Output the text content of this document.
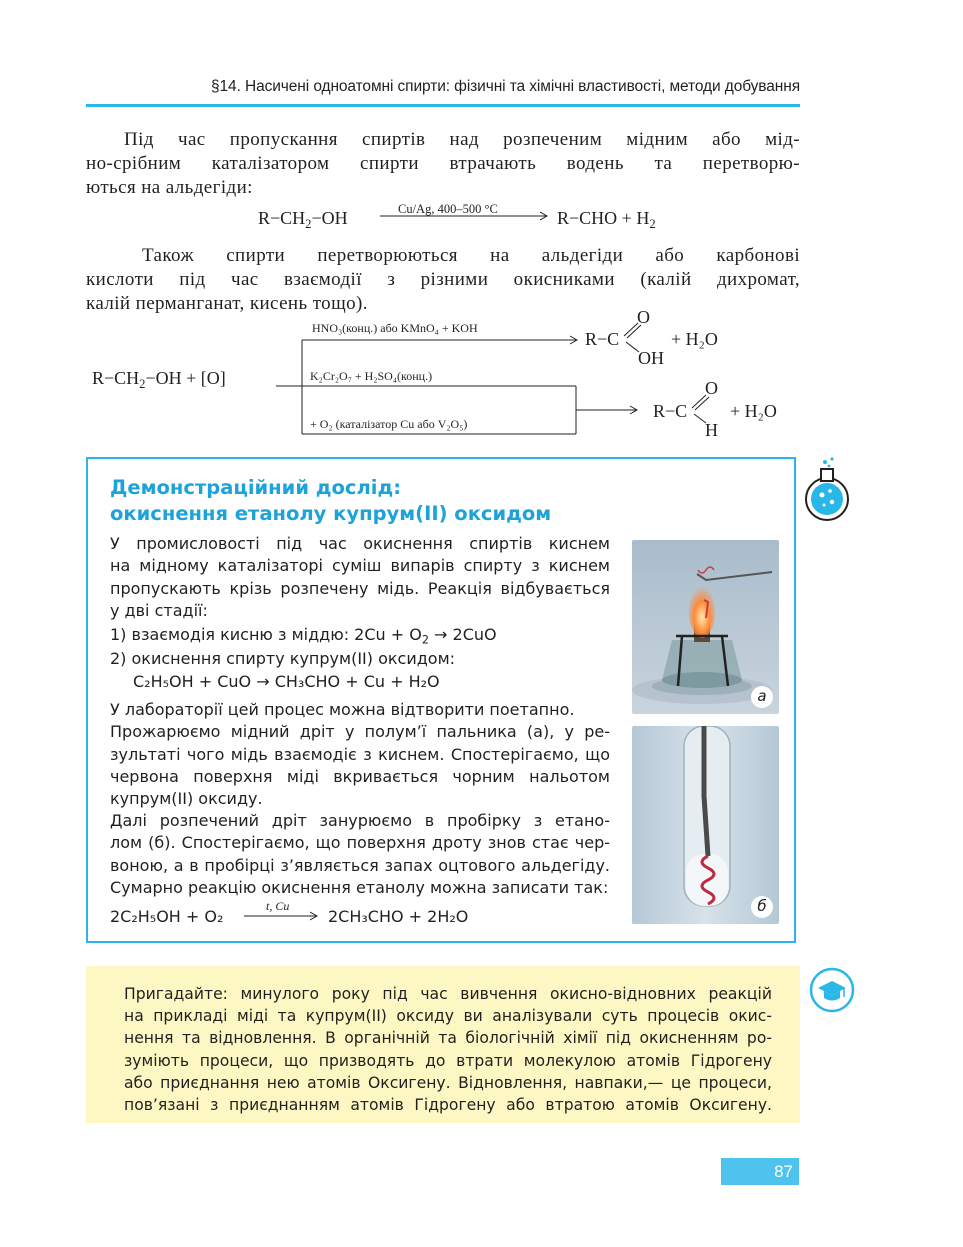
§14. Насичені одноатомні спирти: фізичні та хімічні властивості, методи добування
Під час пропускання спиртів над розпеченим мідним або мід-
но-срібним каталізатором спирти втрачають водень та перетворю-
ються на альдегіди:
$R-CH_2-OH$	Cu/Ag, 400–500 °C	$R-CHO + H_2$
Також спирти перетворюються на альдегіди або карбонові
кислоти під час взаємодії з різними окисниками (калій дихромат,
калій перманганат, кисень тощо).
$R-CH_2-OH + [O]$
HNO₃(конц.) або KMnO₄ + KOH
K₂Cr₂O₇ + H₂SO₄(конц.)
+ O₂ (каталізатор Cu або V₂O₅)
R−C
O
OH
+ H₂O
R−C
O
H
+ H₂O
Демонстраційний дослід:
окиснення етанолу купрум(ІІ) оксидом
У промисловості під час окиснення спиртів киснем
на мідному каталізаторі суміш випарів спирту з киснем
пропускають крізь розпечену мідь. Реакція відбувається
у дві стадії:
1) взаємодія кисню з міддю: $2Cu + O_2 \to 2CuO$
2) окиснення спирту купрум(ІІ) оксидом:
C₂H₅OH + CuO → CH₃CHO + Cu + H₂O
У лабораторії цей процес можна відтворити поетапно.
Прожарюємо мідний дріт у полум’ї пальника (а), у ре-
зультаті чого мідь взаємодіє з киснем. Спостерігаємо, що
червона поверхня міді вкривається чорним нальотом
купрум(ІІ) оксиду.
Далі розпечений дріт занурюємо в пробірку з етано-
лом (б). Спостерігаємо, що поверхня дроту знов стає чер-
воною, а в пробірці з’являється запах оцтового альдегіду.
Сумарно реакцію окиснення етанолу можна записати так:
2C₂H₅OH + O₂
t, Cu
2CH₃CHO + 2H₂O
а
б
Пригадайте: минулого року під час вивчення окисно-відновних реакцій
на прикладі міді та купрум(ІІ) оксиду ви аналізували суть процесів окис-
нення та відновлення. В органічній та біологічній хімії під окисненням ро-
зуміють процеси, що призводять до втрати молекулою атомів Гідрогену
або приєднання нею атомів Оксигену. Відновлення, навпаки,— це процеси,
пов’язані з приєднанням атомів Гідрогену або втратою атомів Оксигену.
87
